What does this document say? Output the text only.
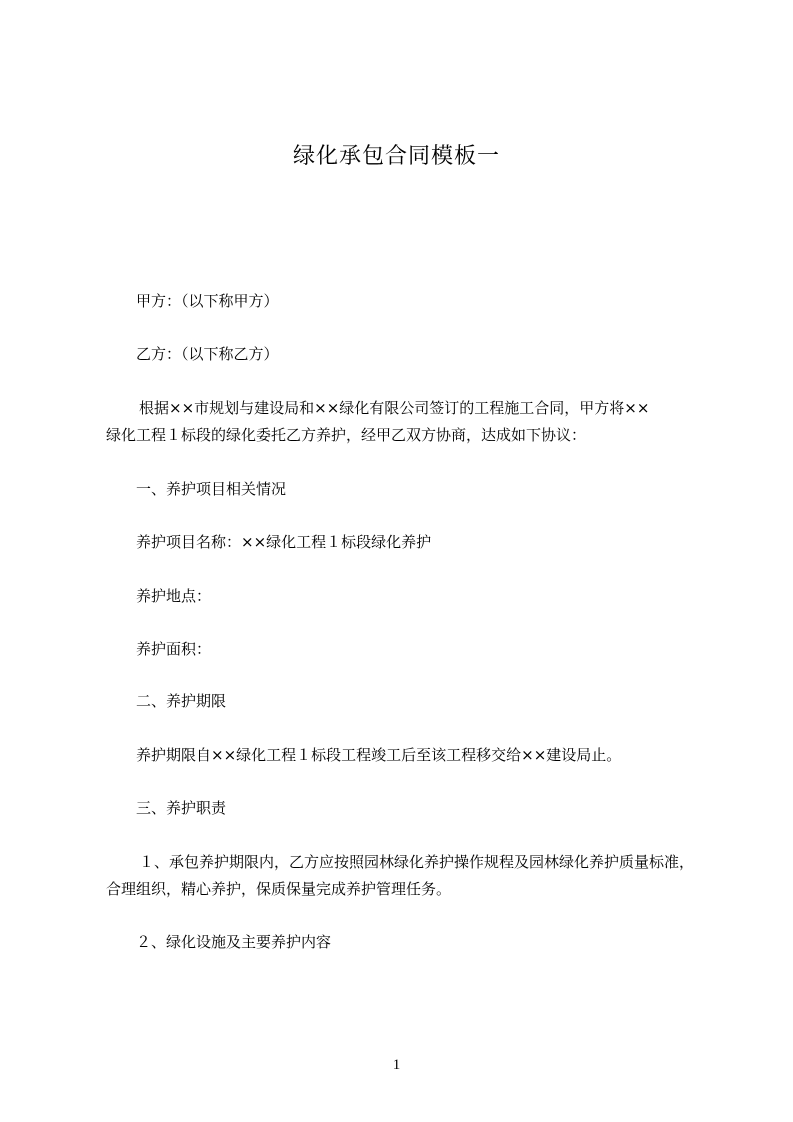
绿化承包合同模板一
甲方：（以下称甲方）
乙方：（以下称乙方）
根据××市规划与建设局和××绿化有限公司签订的工程施工合同，甲方将××
绿化工程１标段的绿化委托乙方养护，经甲乙双方协商，达成如下协议：
一、养护项目相关情况
养护项目名称：××绿化工程１标段绿化养护
养护地点：
养护面积：
二、养护期限
养护期限自××绿化工程１标段工程竣工后至该工程移交给××建设局止。
三、养护职责
１、承包养护期限内，乙方应按照园林绿化养护操作规程及园林绿化养护质量标准，
合理组织，精心养护，保质保量完成养护管理任务。
２、绿化设施及主要养护内容
1
